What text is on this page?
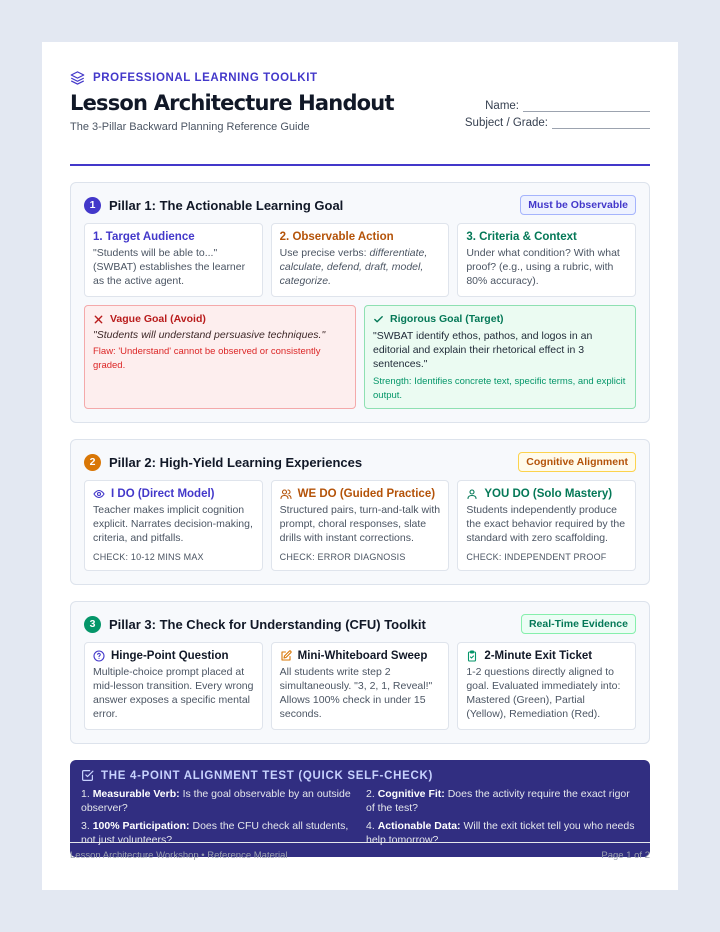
PROFESSIONAL LEARNING TOOLKIT
Lesson Architecture Handout
The 3-Pillar Backward Planning Reference Guide
Name:
Subject / Grade:
1	Pillar 1: The Actionable Learning Goal	Must be Observable
1. Target Audience
"Students will be able to..." (SWBAT) establishes the learner as the active agent.
2. Observable Action
Use precise verbs: differentiate, calculate, defend, draft, model, categorize.
3. Criteria & Context
Under what condition? With what proof? (e.g., using a rubric, with 80% accuracy).
Vague Goal (Avoid)
"Students will understand persuasive techniques."
Flaw: 'Understand' cannot be observed or consistently graded.
Rigorous Goal (Target)
"SWBAT identify ethos, pathos, and logos in an editorial and explain their rhetorical effect in 3 sentences."
Strength: Identifies concrete text, specific terms, and explicit output.
2	Pillar 2: High-Yield Learning Experiences	Cognitive Alignment
I DO (Direct Model)
Teacher makes implicit cognition explicit. Narrates decision-making, criteria, and pitfalls.
CHECK: 10-12 MINS MAX
WE DO (Guided Practice)
Structured pairs, turn-and-talk with prompt, choral responses, slate drills with instant corrections.
CHECK: ERROR DIAGNOSIS
YOU DO (Solo Mastery)
Students independently produce the exact behavior required by the standard with zero scaffolding.
CHECK: INDEPENDENT PROOF
3	Pillar 3: The Check for Understanding (CFU) Toolkit	Real-Time Evidence
Hinge-Point Question
Multiple-choice prompt placed at mid-lesson transition. Every wrong answer exposes a specific mental error.
Mini-Whiteboard Sweep
All students write step 2 simultaneously. "3, 2, 1, Reveal!" Allows 100% check in under 15 seconds.
2-Minute Exit Ticket
1-2 questions directly aligned to goal. Evaluated immediately into: Mastered (Green), Partial (Yellow), Remediation (Red).
THE 4-POINT ALIGNMENT TEST (QUICK SELF-CHECK)
1. Measurable Verb: Is the goal observable by an outside observer?
2. Cognitive Fit: Does the activity require the exact rigor of the test?
3. 100% Participation: Does the CFU check all students, not just volunteers?
4. Actionable Data: Will the exit ticket tell you who needs help tomorrow?
Lesson Architecture Workshop • Reference Material	Page 1 of 2
